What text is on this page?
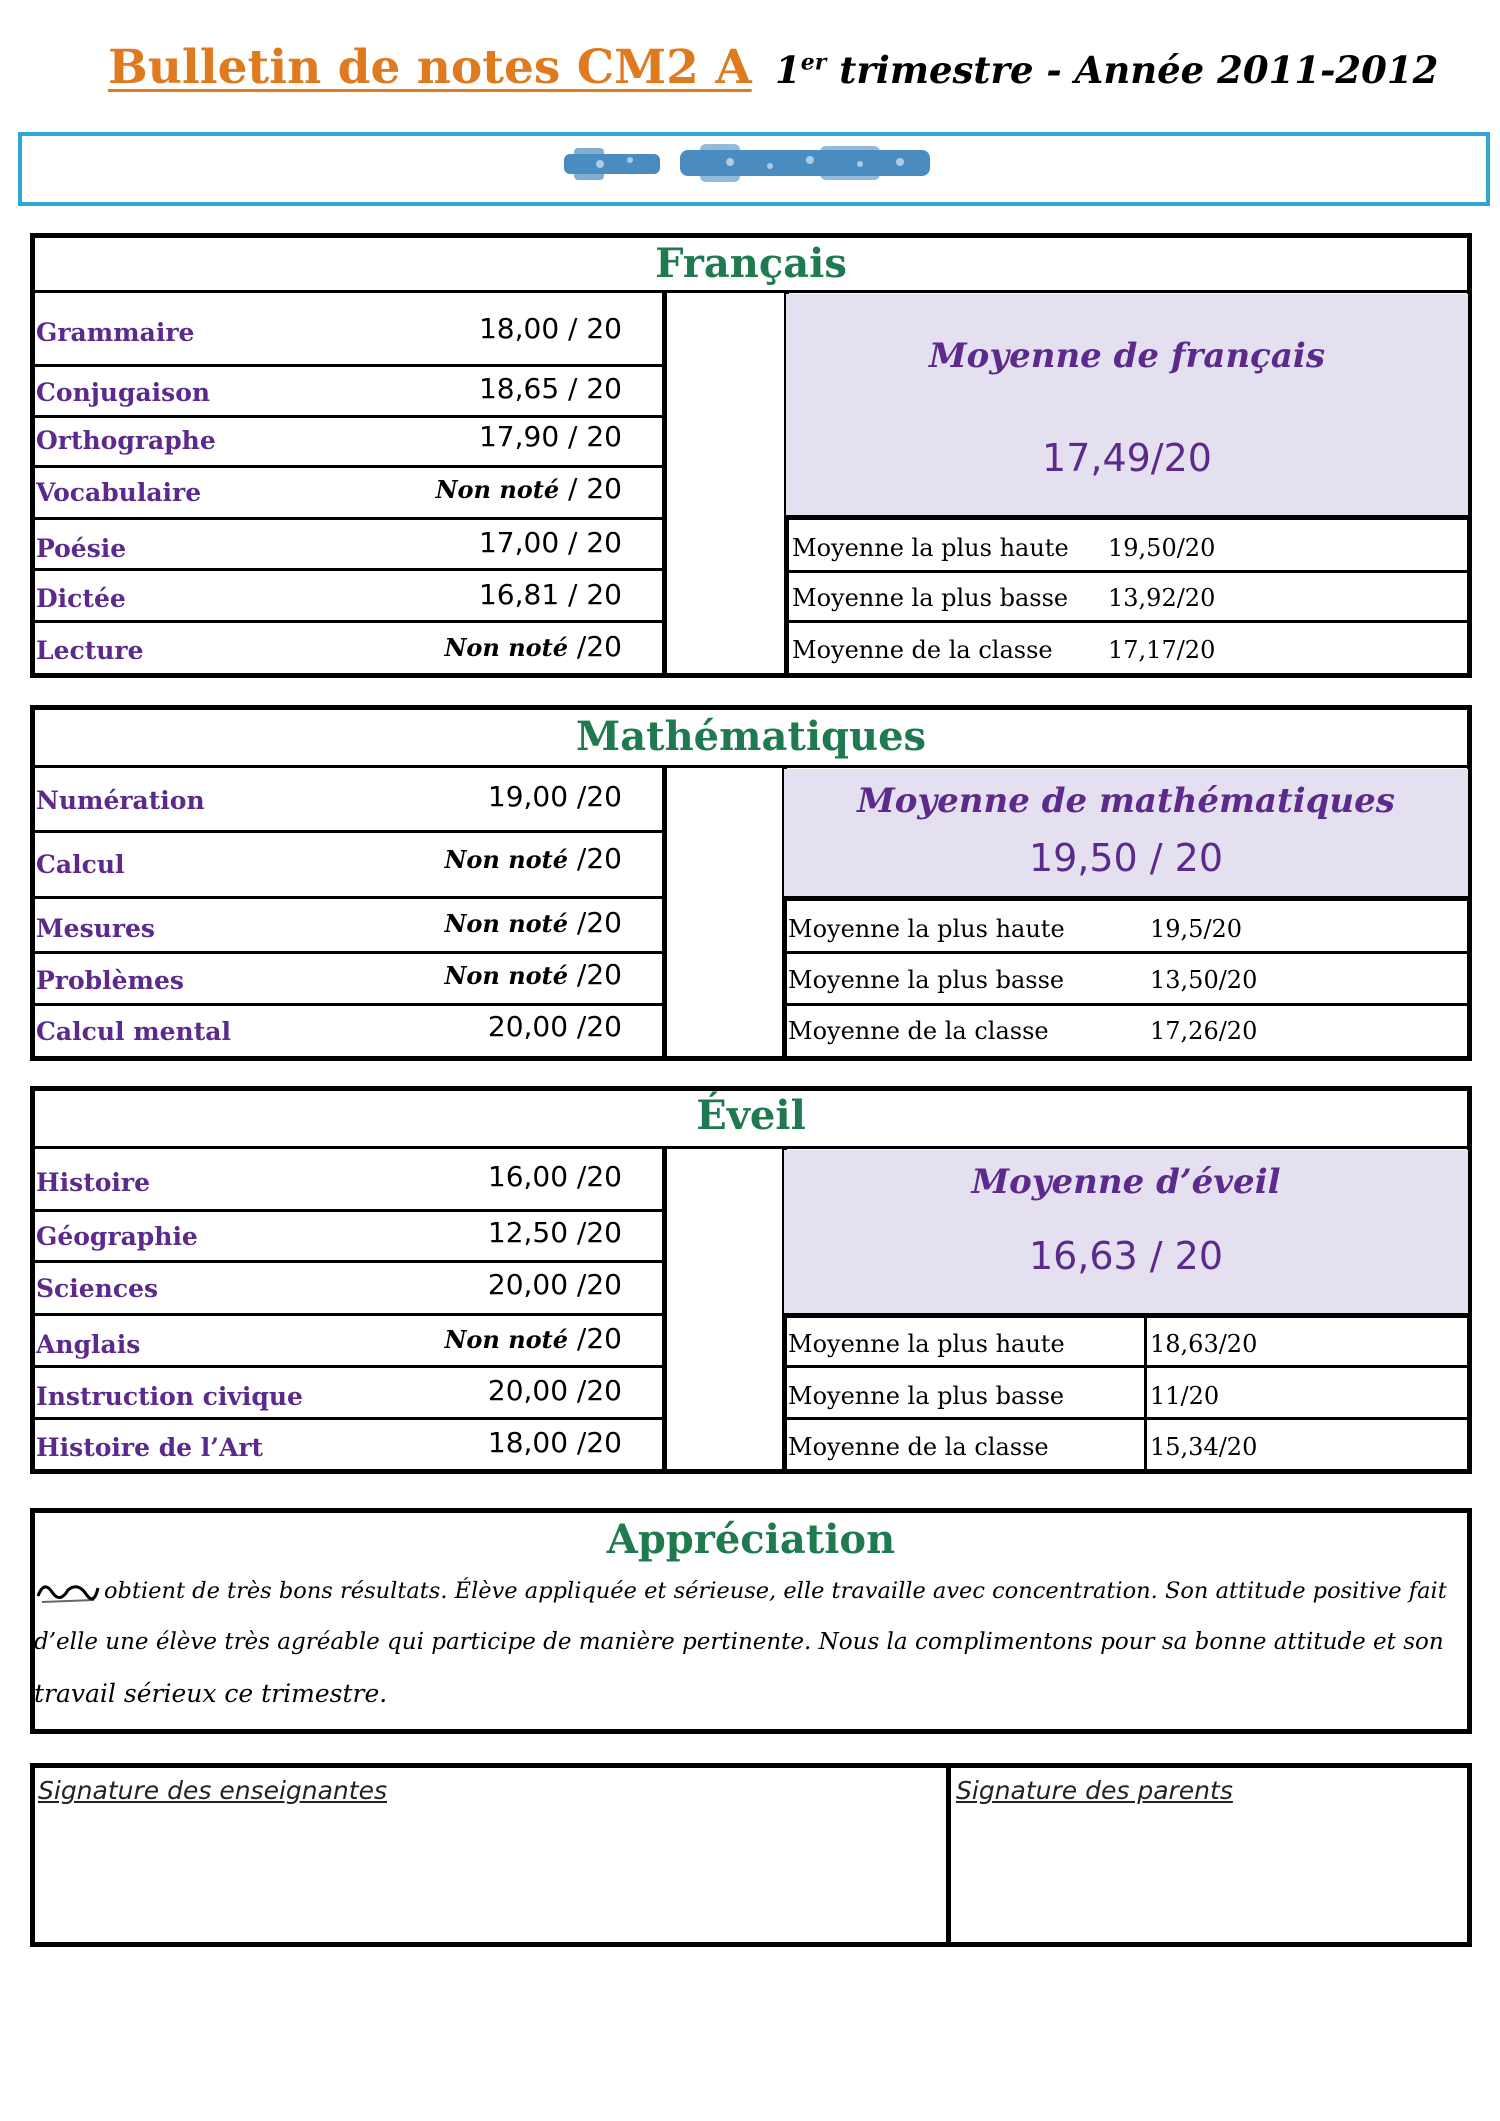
Bulletin de notes CM2 A 1er trimestre - Année 2011-2012
Français
Grammaire	18,00 / 20
Conjugaison	18,65 / 20
Orthographe	17,90 / 20
Vocabulaire	Non noté / 20
Poésie	17,00 / 20
Dictée	16,81 / 20
Lecture	Non noté /20
Moyenne de français
17,49/20
Moyenne la plus haute 19,50/20
Moyenne la plus basse 13,92/20
Moyenne de la classe 17,17/20
Mathématiques
Numération	19,00 /20
Calcul	Non noté /20
Mesures	Non noté /20
Problèmes	Non noté /20
Calcul mental	20,00 /20
Moyenne de mathématiques
19,50 / 20
Moyenne la plus haute	19,5/20
Moyenne la plus basse	13,50/20
Moyenne de la classe	17,26/20
Éveil
Histoire	16,00 /20
Géographie	12,50 /20
Sciences	20,00 /20
Anglais	Non noté /20
Instruction civique	20,00 /20
Histoire de l’Art	18,00 /20
Moyenne d’éveil
16,63 / 20
Moyenne la plus haute	18,63/20
Moyenne la plus basse	11/20
Moyenne de la classe	15,34/20
Appréciation
obtient de très bons résultats. Élève appliquée et sérieuse, elle travaille avec concentration. Son attitude positive fait
d’elle une élève très agréable qui participe de manière pertinente. Nous la complimentons pour sa bonne attitude et son
travail sérieux ce trimestre.
Signature des enseignantes	Signature des parents
